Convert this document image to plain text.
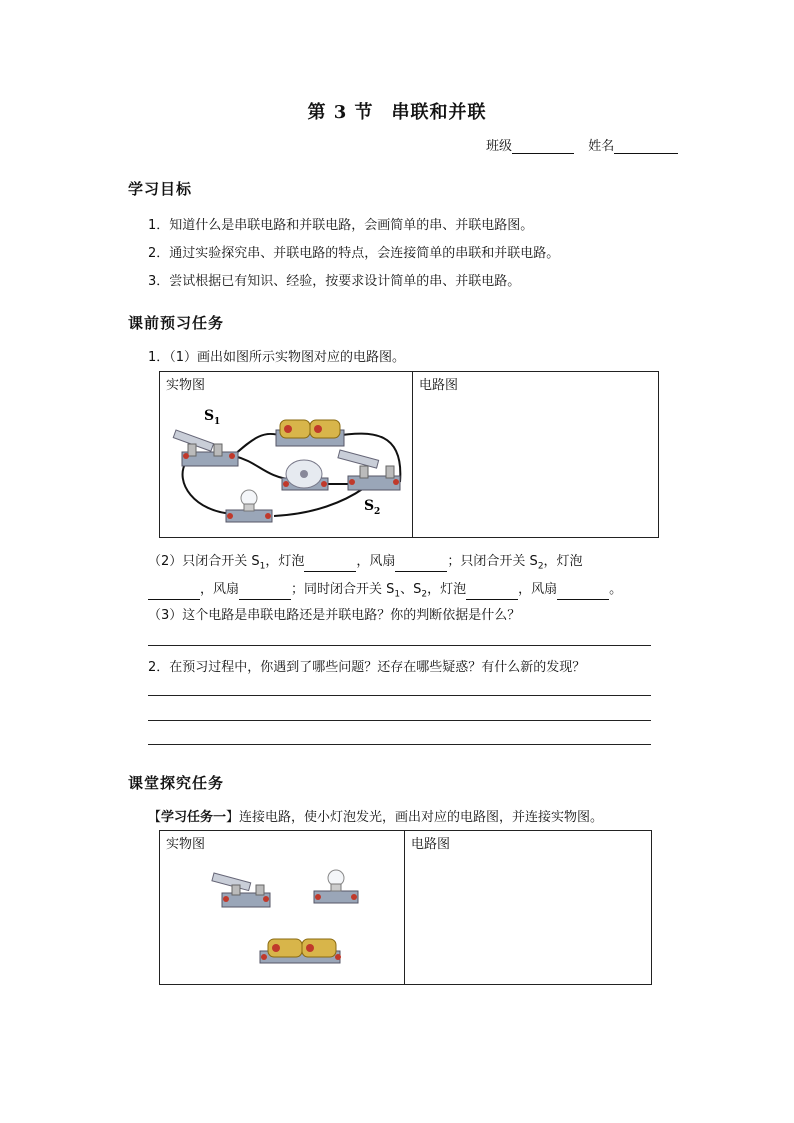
第 3 节 串联和并联
班级	姓名
学习目标
1．知道什么是串联电路和并联电路，会画简单的串、并联电路图。
2．通过实验探究串、并联电路的特点，会连接简单的串联和并联电路。
3．尝试根据已有知识、经验，按要求设计简单的串、并联电路。
课前预习任务
1．（1）画出如图所示实物图对应的电路图。
实物图
S 1
S 2
	电路图
（2）只闭合开关 $S_1$，灯泡	，风扇	；只闭合开关 $S_2$，灯泡
，风扇	；同时闭合开关 $S_1$、$S_2$，灯泡	，风扇	。
（3）这个电路是串联电路还是并联电路？你的判断依据是什么？
2．在预习过程中，你遇到了哪些问题？还存在哪些疑惑？有什么新的发现？
课堂探究任务
【学习任务一】连接电路，使小灯泡发光，画出对应的电路图，并连接实物图。
实物图	电路图
